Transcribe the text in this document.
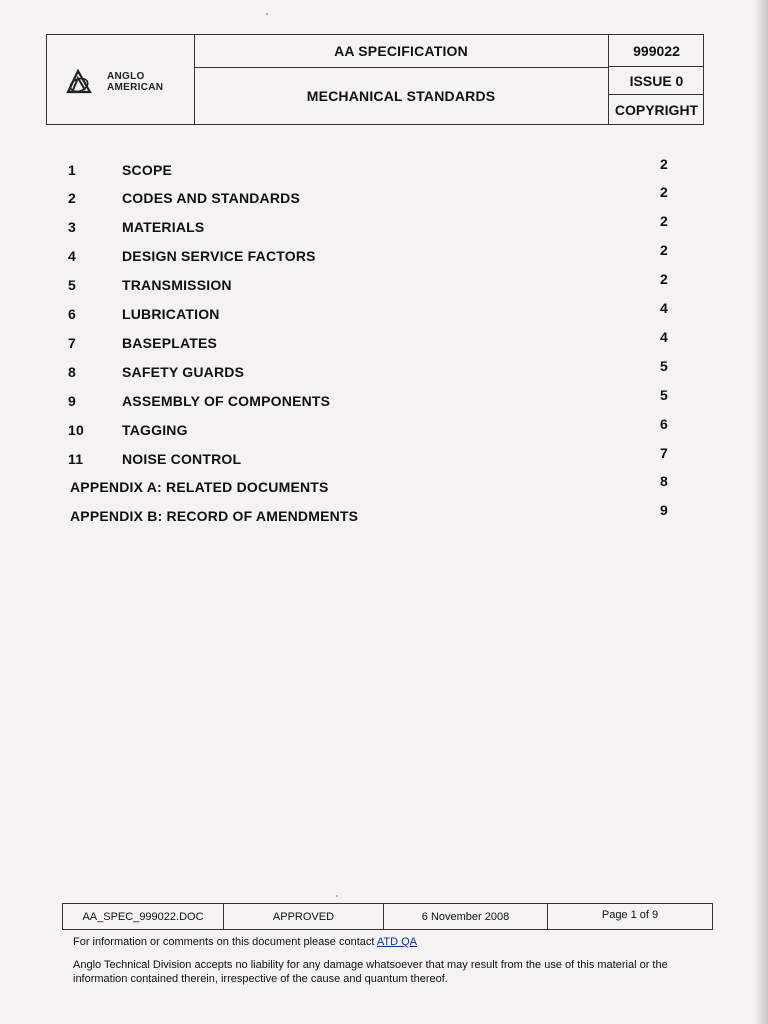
ANGLO
AMERICAN
AA SPECIFICATION
MECHANICAL STANDARDS
999022
ISSUE 0
COPYRIGHT
1	SCOPE	2
2	CODES AND STANDARDS	2
3	MATERIALS	2
4	DESIGN SERVICE FACTORS	2
5	TRANSMISSION	2
6	LUBRICATION	4
7	BASEPLATES	4
8	SAFETY GUARDS	5
9	ASSEMBLY OF COMPONENTS	5
10	TAGGING	6
11	NOISE CONTROL	7
APPENDIX A: RELATED DOCUMENTS	8
APPENDIX B: RECORD OF AMENDMENTS	9
AA_SPEC_999022.DOC	APPROVED	6 November 2008	Page 1 of 9
For information or comments on this document please contact ATD QA
Anglo Technical Division accepts no liability for any damage whatsoever that may result from the use of this material or the information contained therein, irrespective of the cause and quantum thereof.
